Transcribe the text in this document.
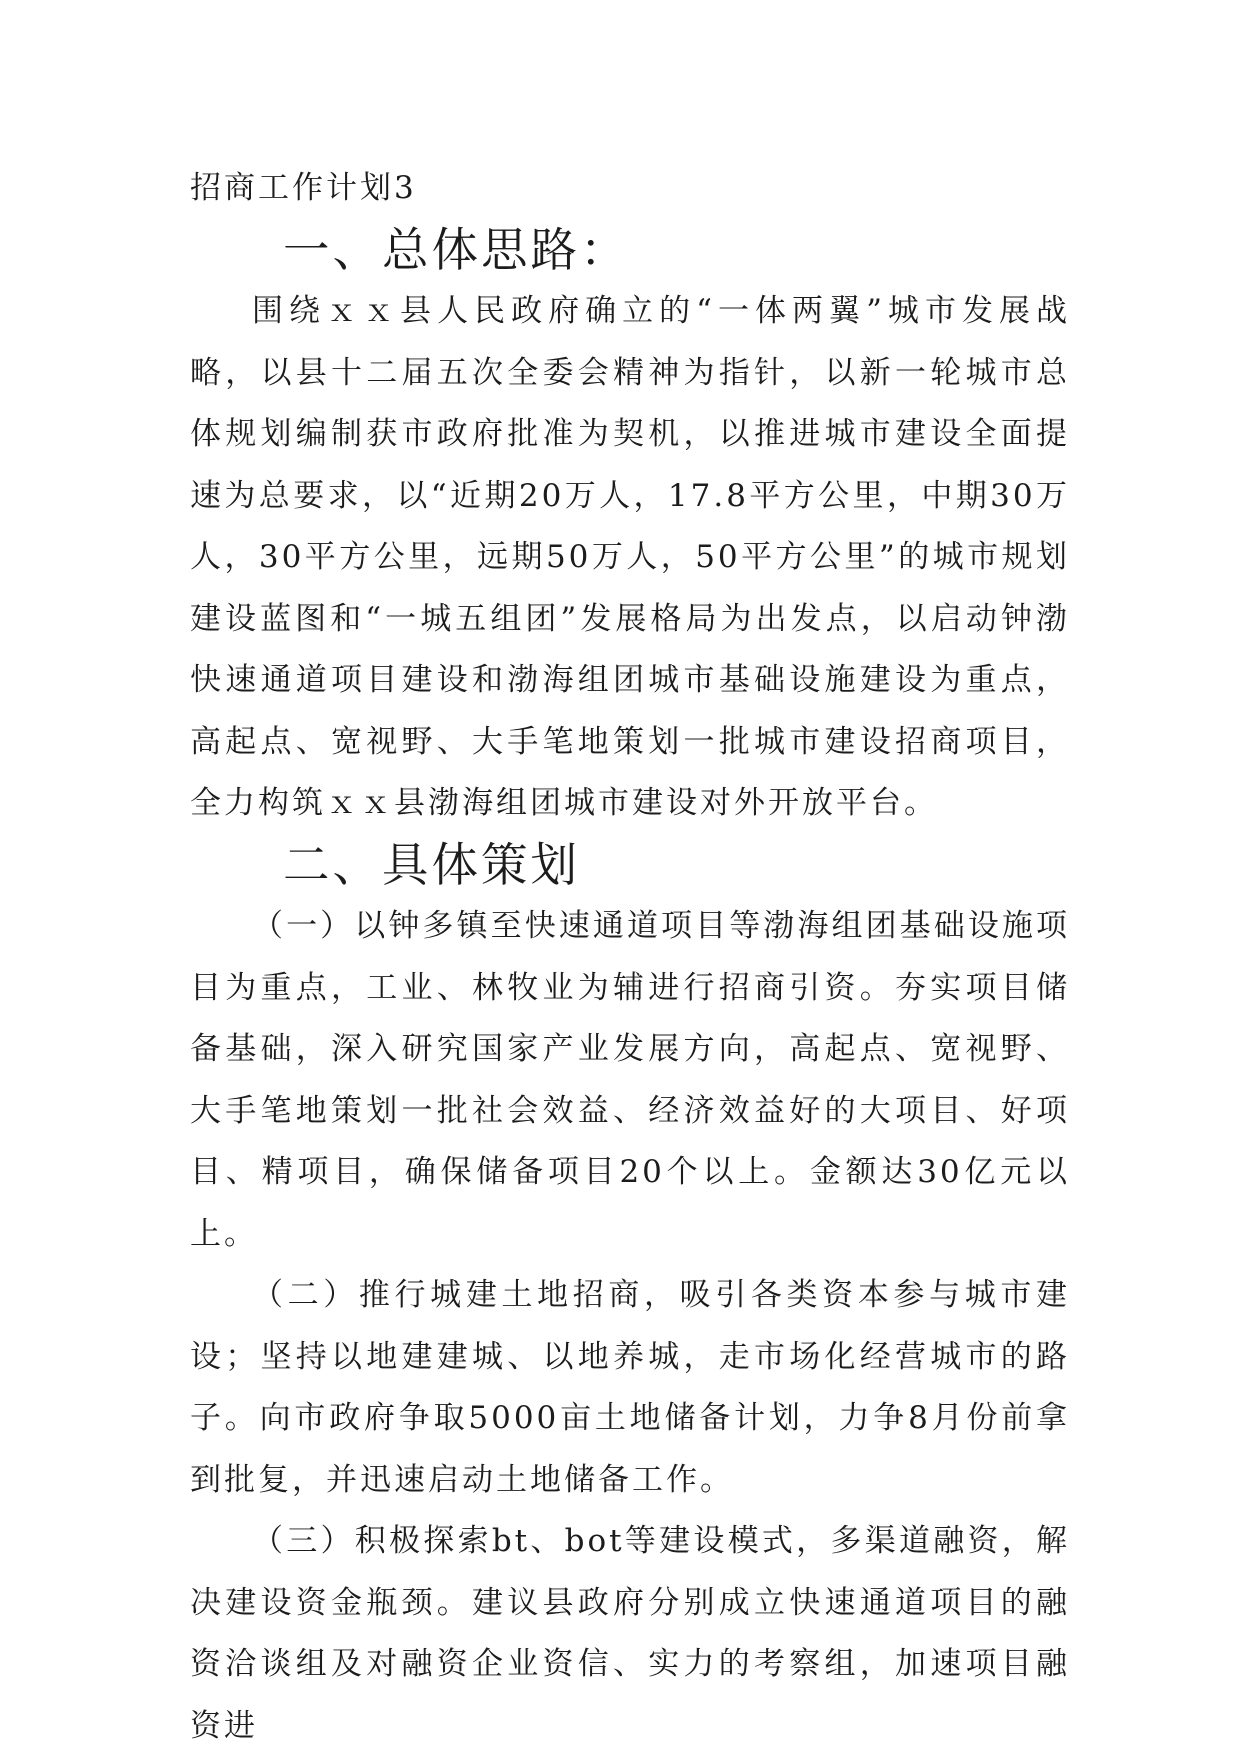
招商工作计划3
一、总体思路：

围绕ｘｘ县人民政府确立的“一体两翼”城市发展战略，以县十二届五次全委会精神为指针，以新一轮城市总体规划编制获市政府批准为契机，以推进城市建设全面提速为总要求，以“近期20万人，17.8平方公里，中期30万人，30平方公里，远期50万人，50平方公里”的城市规划建设蓝图和“一城五组团”发展格局为出发点，以启动钟渤快速通道项目建设和渤海组团城市基础设施建设为重点，高起点、宽视野、大手笔地策划一批城市建设招商项目，全力构筑ｘｘ县渤海组团城市建设对外开放平台。

二、具体策划

（一）以钟多镇至快速通道项目等渤海组团基础设施项目为重点，工业、林牧业为辅进行招商引资。夯实项目储备基础，深入研究国家产业发展方向，高起点、宽视野、大手笔地策划一批社会效益、经济效益好的大项目、好项目、精项目，确保储备项目20个以上。金额达30亿元以上。

（二）推行城建土地招商，吸引各类资本参与城市建设；坚持以地建建城、以地养城，走市场化经营城市的路子。向市政府争取5000亩土地储备计划，力争8月份前拿到批复，并迅速启动土地储备工作。

（三）积极探索bt、bot等建设模式，多渠道融资，解决建设资金瓶颈。建议县政府分别成立快速通道项目的融资洽谈组及对融资企业资信、实力的考察组，加速项目融资进
